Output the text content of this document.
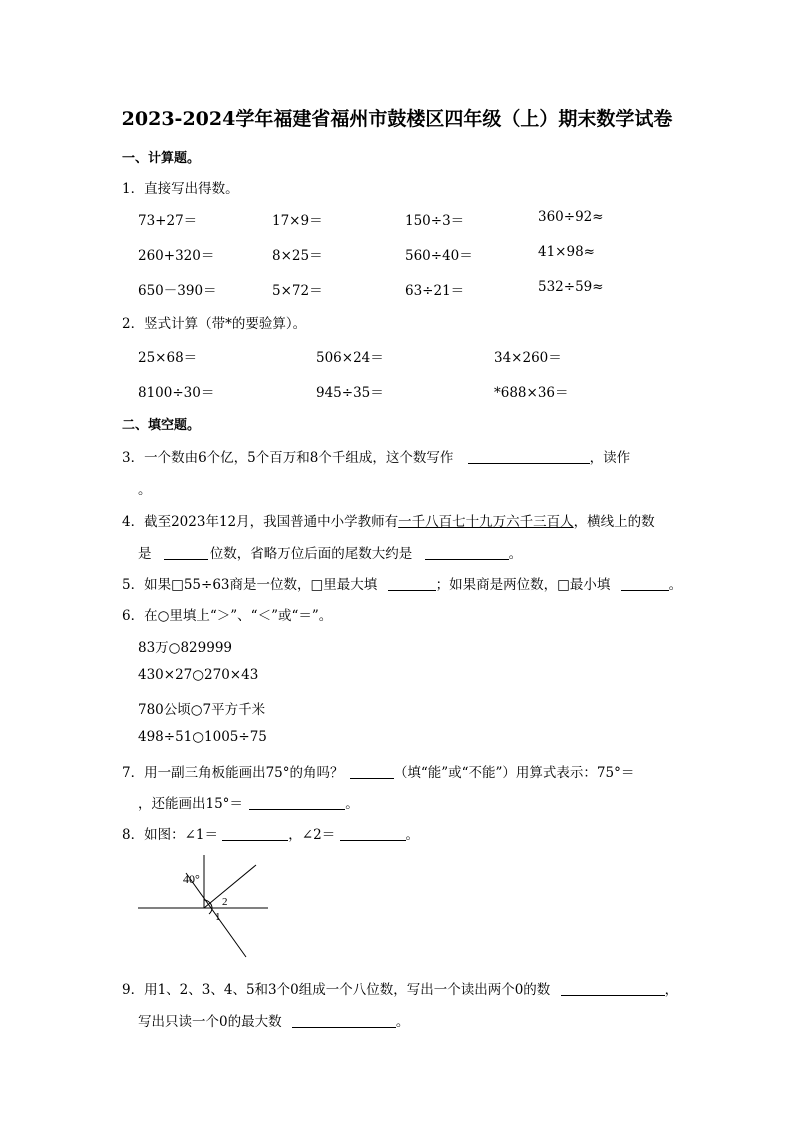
2023-2024学年福建省福州市鼓楼区四年级（上）期末数学试卷
一、计算题。
1．直接写出得数。
73+27＝	17×9＝	150÷3＝	360÷92≈
260+320＝	8×25＝	560÷40＝	41×98≈
650－390＝	5×72＝	63÷21＝	532÷59≈
2．竖式计算（带*的要验算）。
25×68＝	506×24＝	34×260＝
8100÷30＝	945÷35＝	*688×36＝
二、填空题。
3．一个数由6个亿，5个百万和8个千组成，这个数写作	，读作
。
4．截至2023年12月，我国普通中小学教师有一千八百七十九万六千三百人，横线上的数
是	位数，省略万位后面的尾数大约是	。
5．如果□55÷63商是一位数，□里最大填	；如果商是两位数，□最小填	。
6．在○里填上“＞”、“＜”或“＝”。
83万○829999
430×27○270×43
780公顷○7平方千米
498÷51○1005÷75
7．用一副三角板能画出75°的角吗？	（填“能”或“不能”）用算式表示：75°＝
，还能画出15°＝	。
8．如图：∠1＝	，∠2＝	。
40°
2
1
9．用1、2、3、4、5和3个0组成一个八位数，写出一个读出两个0的数	，
写出只读一个0的最大数	。
